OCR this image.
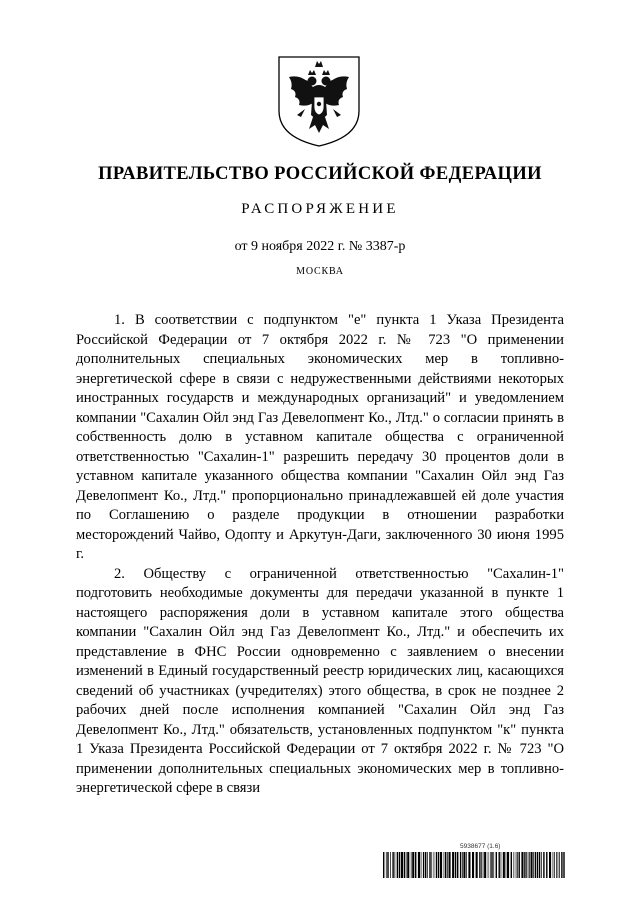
ПРАВИТЕЛЬСТВО РОССИЙСКОЙ ФЕДЕРАЦИИ
РАСПОРЯЖЕНИЕ
от 9 ноября 2022 г. № 3387-р
МОСКВА

1. В соответствии с подпунктом "е" пункта 1 Указа Президента Российской Федерации от 7 октября 2022 г. № 723 "О применении дополнительных специальных экономических мер в топливно-энергетической сфере в связи с недружественными действиями некоторых иностранных государств и международных организаций" и уведомлением компании "Сахалин Ойл энд Газ Девелопмент Ко., Лтд." о согласии принять в собственность долю в уставном капитале общества с ограниченной ответственностью "Сахалин-1" разрешить передачу 30 процентов доли в уставном капитале указанного общества компании "Сахалин Ойл энд Газ Девелопмент Ко., Лтд." пропорционально принадлежавшей ей доле участия по Соглашению о разделе продукции в отношении разработки месторождений Чайво, Одопту и Аркутун-Даги, заключенного 30 июня 1995 г.

2. Обществу с ограниченной ответственностью "Сахалин-1" подготовить необходимые документы для передачи указанной в пункте 1 настоящего распоряжения доли в уставном капитале этого общества компании "Сахалин Ойл энд Газ Девелопмент Ко., Лтд." и обеспечить их представление в ФНС России одновременно с заявлением о внесении изменений в Единый государственный реестр юридических лиц, касающихся сведений об участниках (учредителях) этого общества, в срок не позднее 2 рабочих дней после исполнения компанией "Сахалин Ойл энд Газ Девелопмент Ко., Лтд." обязательств, установленных подпунктом "к" пункта 1 Указа Президента Российской Федерации от 7 октября 2022 г. № 723 "О применении дополнительных специальных экономических мер в топливно-энергетической сфере в связи

5938677 (1.6)
